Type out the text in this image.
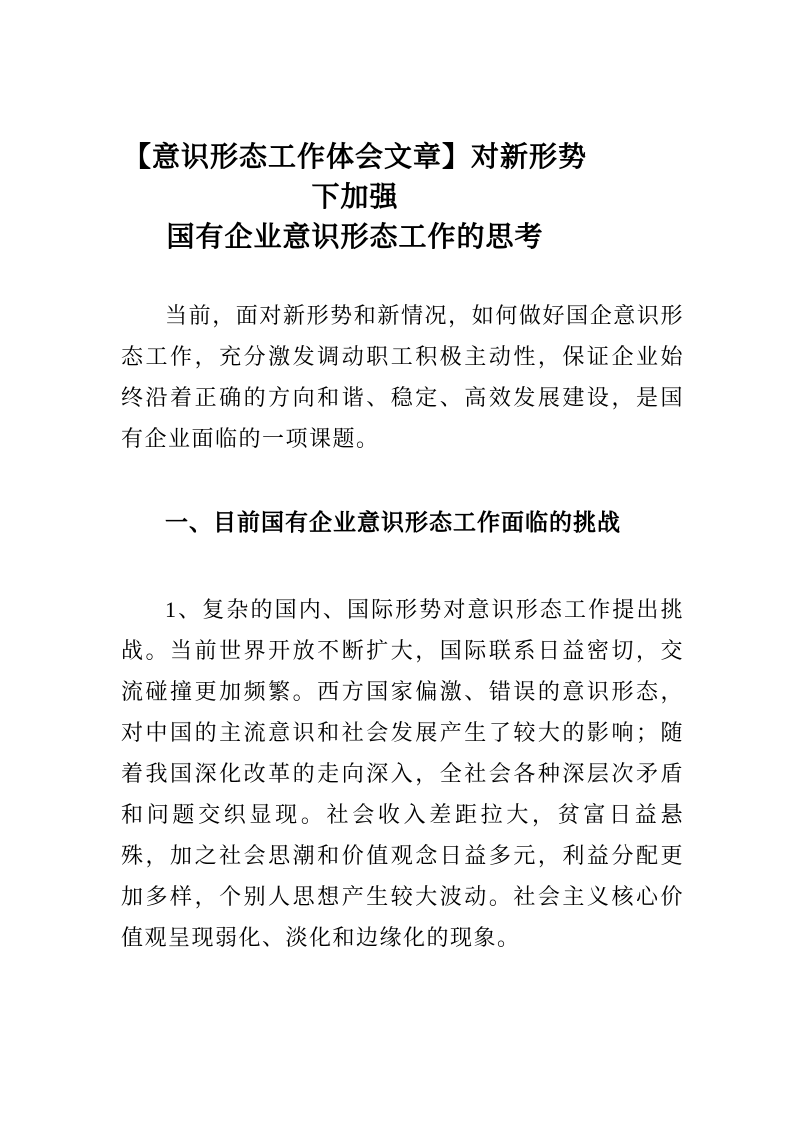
【意识形态工作体会文章】对新形势下加强
国有企业意识形态工作的思考

当前，面对新形势和新情况，如何做好国企意识形态工作，充分激发调动职工积极主动性，保证企业始终沿着正确的方向和谐、稳定、高效发展建设，是国有企业面临的一项课题。

一、目前国有企业意识形态工作面临的挑战

1、复杂的国内、国际形势对意识形态工作提出挑战。当前世界开放不断扩大，国际联系日益密切，交流碰撞更加频繁。西方国家偏激、错误的意识形态，对中国的主流意识和社会发展产生了较大的影响；随着我国深化改革的走向深入，全社会各种深层次矛盾和问题交织显现。社会收入差距拉大，贫富日益悬殊，加之社会思潮和价值观念日益多元，利益分配更加多样，个别人思想产生较大波动。社会主义核心价值观呈现弱化、淡化和边缘化的现象。
